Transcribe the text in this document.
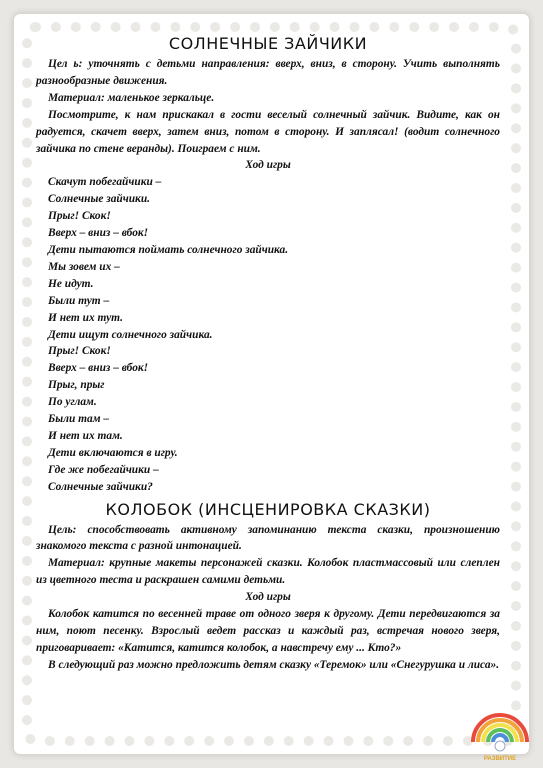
СОЛНЕЧНЫЕ ЗАЙЧИКИ

Цел ь: уточнять с детьми направления: вверх, вниз, в сторону. Учить выполнять разнообразные движения.

Материал: маленькое зеркальце.

Посмотрите, к нам прискакал в гости веселый солнечный зайчик. Видите, как он радуется, скачет вверх, затем вниз, потом в сторону. И заплясал! (водит солнечного зайчика по стене веранды). Поиграем с ним.

Ход игры

Скачут побегайчики –

Солнечные зайчики.

Прыг! Скок!

Вверх – вниз – вбок!

Дети пытаются поймать солнечного зайчика.

Мы зовем их –

Не идут.

Были тут –

И нет их тут.

Дети ищут солнечного зайчика.

Прыг! Скок!

Вверх – вниз – вбок!

Прыг, прыг

По углам.

Были там –

И нет их там.

Дети включаются в игру.

Где же побегайчики –

Солнечные зайчики?

КОЛОБОК (ИНСЦЕНИРОВКА СКАЗКИ)

Цель: способствовать активному запоминанию текста сказки, произношению знакомого текста с разной интонацией.

Материал: крупные макеты персонажей сказки. Колобок пластмассовый или слеплен из цветного теста и раскрашен самими детьми.

Ход игры

Колобок катится по весенней траве от одного зверя к другому. Дети передвигаются за ним, поют песенку. Взрослый ведет рассказ и каждый раз, встречая нового зверя, приговаривает: «Катится, катится колобок, а навстречу ему ... Кто?»

В следующий раз можно предложить детям сказку «Теремок» или «Снегурушка и лиса».

РАЗВИТИЕ
